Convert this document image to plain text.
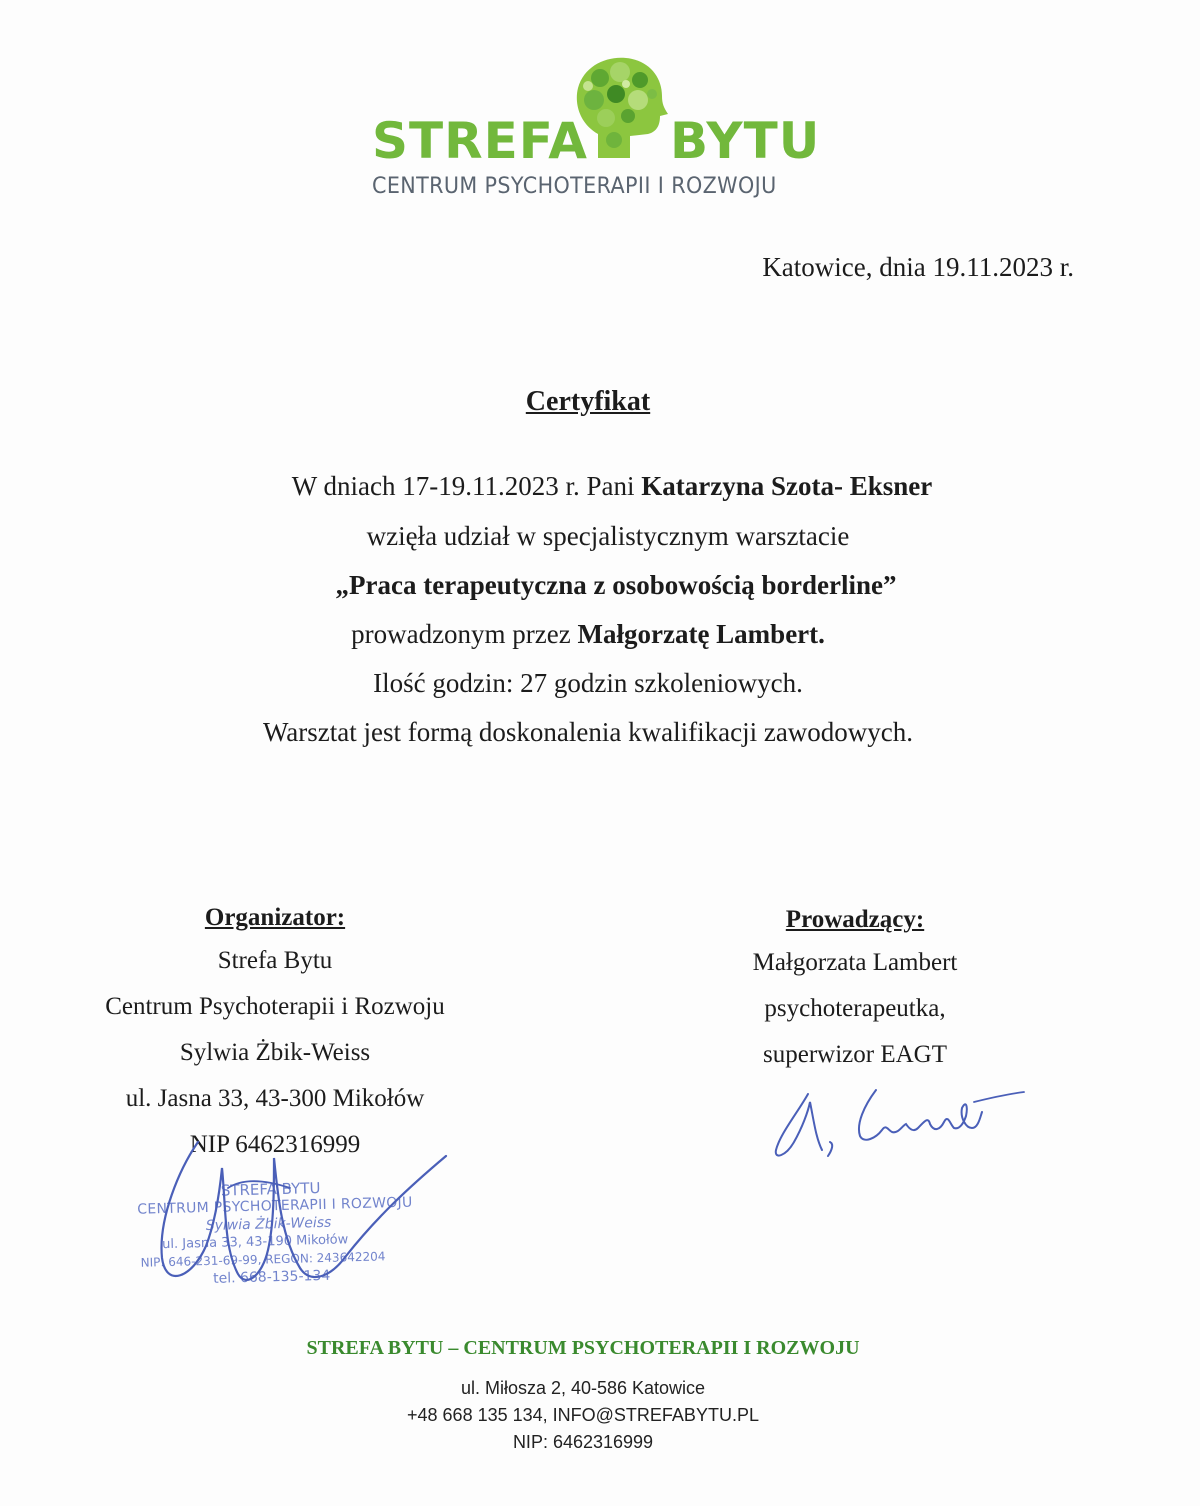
STREFA BYTU
CENTRUM PSYCHOTERAPII I ROZWOJU
Katowice, dnia 19.11.2023 r.
Certyfikat
W dniach 17-19.11.2023 r. Pani Katarzyna Szota- Eksner
wzięła udział w specjalistycznym warsztacie
„Praca terapeutyczna z osobowością borderline”
prowadzonym przez Małgorzatę Lambert.
Ilość godzin: 27 godzin szkoleniowych.
Warsztat jest formą doskonalenia kwalifikacji zawodowych.
Organizator:
Strefa Bytu
Centrum Psychoterapii i Rozwoju
Sylwia Żbik-Weiss
ul. Jasna 33, 43-300 Mikołów
NIP 6462316999
Prowadzący:
Małgorzata Lambert
psychoterapeutka,
superwizor EAGT
STREFA BYTU
CENTRUM PSYCHOTERAPII I ROZWOJU
Sylwia Żbik-Weiss
ul. Jasna 33, 43-190 Mikołów
NIP: 646-231-69-99, REGON: 243642204
tel. 668-135-134
STREFA BYTU – CENTRUM PSYCHOTERAPII I ROZWOJU
ul. Miłosza 2, 40-586 Katowice
+48 668 135 134, INFO@STREFABYTU.PL
NIP: 6462316999
